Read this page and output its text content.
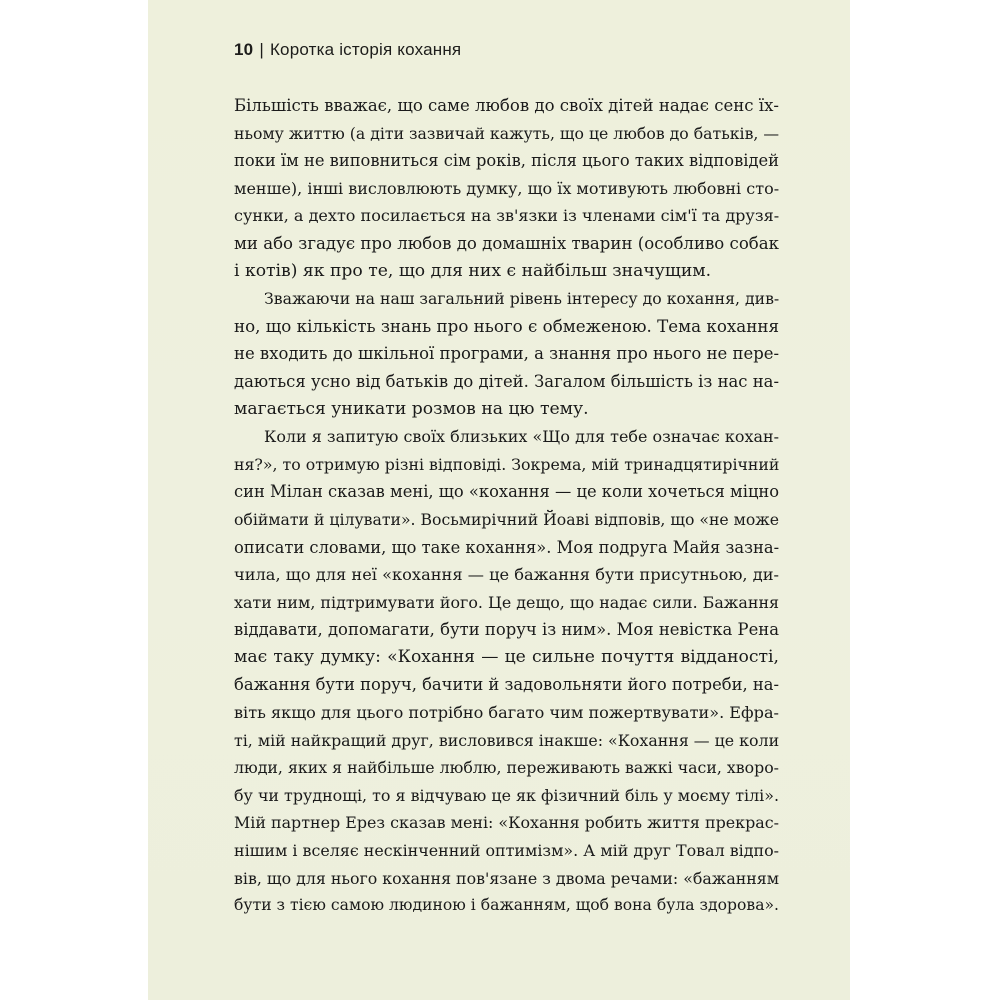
10 | Коротка історія кохання
Більшість вважає, що саме любов до своїх дітей надає сенс їх-
ньому життю (а діти зазвичай кажуть, що це любов до батьків, —
поки їм не виповниться сім років, після цього таких відповідей
менше), інші висловлюють думку, що їх мотивують любовні сто-
сунки, а дехто посилається на зв'язки із членами сім'ї та друзя-
ми або згадує про любов до домашніх тварин (особливо собак
і котів) як про те, що для них є найбільш значущим.
Зважаючи на наш загальний рівень інтересу до кохання, див-
но, що кількість знань про нього є обмеженою. Тема кохання
не входить до шкільної програми, а знання про нього не пере-
даються усно від батьків до дітей. Загалом більшість із нас на-
магається уникати розмов на цю тему.
Коли я запитую своїх близьких «Що для тебе означає кохан-
ня?», то отримую різні відповіді. Зокрема, мій тринадцятирічний
син Мілан сказав мені, що «кохання — це коли хочеться міцно
обіймати й цілувати». Восьмирічний Йоаві відповів, що «не може
описати словами, що таке кохання». Моя подруга Майя зазна-
чила, що для неї «кохання — це бажання бути присутньою, ди-
хати ним, підтримувати його. Це дещо, що надає сили. Бажання
віддавати, допомагати, бути поруч із ним». Моя невістка Рена
має таку думку: «Кохання — це сильне почуття відданості,
бажання бути поруч, бачити й задовольняти його потреби, на-
віть якщо для цього потрібно багато чим пожертвувати». Ефра-
ті, мій найкращий друг, висловився інакше: «Кохання — це коли
люди, яких я найбільше люблю, переживають важкі часи, хворо-
бу чи труднощі, то я відчуваю це як фізичний біль у моєму тілі».
Мій партнер Ерез сказав мені: «Кохання робить життя прекрас-
нішим і вселяє нескінченний оптимізм». А мій друг Товал відпо-
вів, що для нього кохання пов'язане з двома речами: «бажанням
бути з тією самою людиною і бажанням, щоб вона була здорова».
